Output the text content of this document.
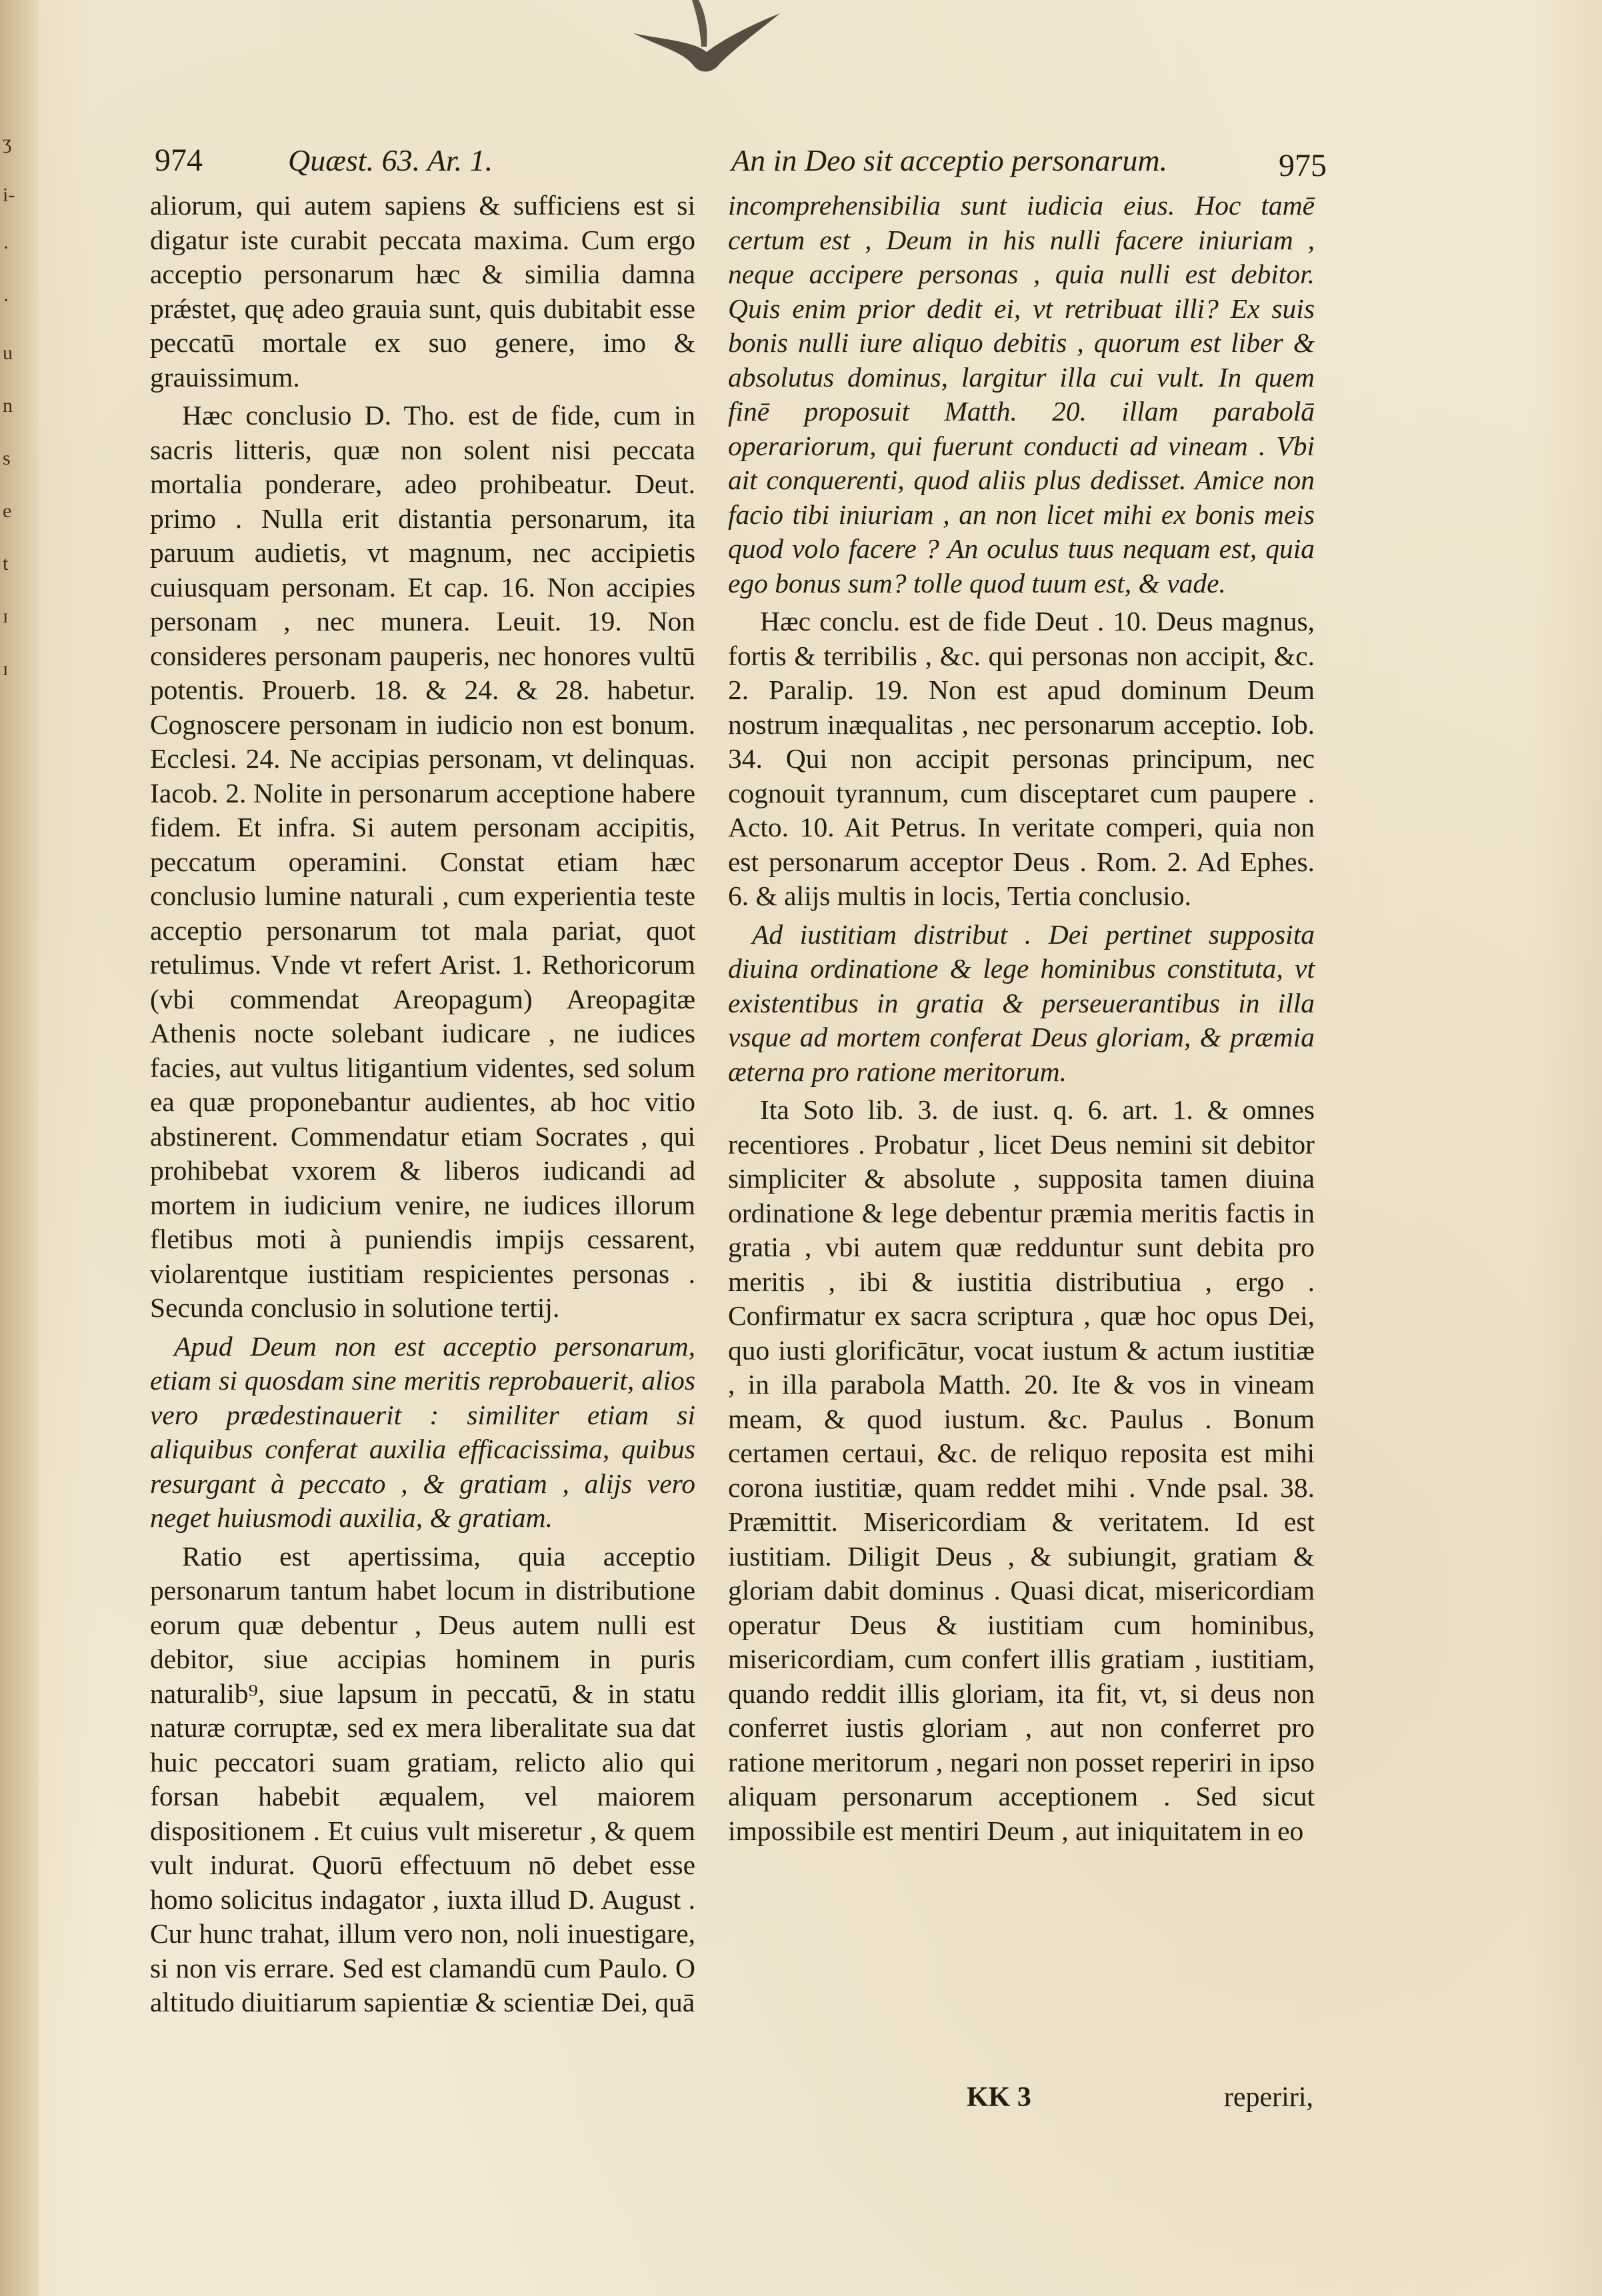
ʒ
i-
·
·
u
n
s
e
t
ɪ
ɪ
974	Quæst. 63. Ar. 1.	An in Deo sit acceptio personarum.	975

aliorum, qui autem sapiens & sufficiens est si digatur iste curabit peccata maxima. Cum ergo acceptio personarum hæc & similia damna prǽstet, quę adeo grauia sunt, quis dubitabit esse peccatū mortale ex suo genere, imo & grauissimum.

Hæc conclusio D. Tho. est de fide, cum in sacris litteris, quæ non solent nisi peccata mortalia ponderare, adeo prohibeatur. Deut. primo . Nulla erit distantia personarum, ita paruum audietis, vt magnum, nec accipietis cuiusquam personam. Et cap. 16. Non accipies personam , nec munera. Leuit. 19. Non consideres personam pauperis, nec honores vultū potentis. Prouerb. 18. & 24. & 28. habetur. Cognoscere personam in iudicio non est bonum. Ecclesi. 24. Ne accipias personam, vt delinquas. Iacob. 2. Nolite in personarum acceptione habere fidem. Et infra. Si autem personam accipitis, peccatum operamini. Constat etiam hæc conclusio lumine naturali , cum experientia teste acceptio personarum tot mala pariat, quot retulimus. Vnde vt refert Arist. 1. Rethoricorum (vbi commendat Areopagum) Areopagitæ Athenis nocte solebant iudicare , ne iudices facies, aut vultus litigantium videntes, sed solum ea quæ proponebantur audientes, ab hoc vitio abstinerent. Commendatur etiam Socrates , qui prohibebat vxorem & liberos iudicandi ad mortem in iudicium venire, ne iudices illorum fletibus moti à puniendis impijs cessarent, violarentque iustitiam respicientes personas . Secunda conclusio in solutione tertij.

Apud Deum non est acceptio personarum, etiam si quosdam sine meritis reprobauerit, alios vero prædestinauerit : similiter etiam si aliquibus conferat auxilia efficacissima, quibus resurgant à peccato , & gratiam , alijs vero neget huiusmodi auxilia, & gratiam.

Ratio est apertissima, quia acceptio personarum tantum habet locum in distributione eorum quæ debentur , Deus autem nulli est debitor, siue accipias hominem in puris naturalib⁹, siue lapsum in peccatū, & in statu naturæ corruptæ, sed ex mera liberalitate sua dat huic peccatori suam gratiam, relicto alio qui forsan habebit æqualem, vel maiorem dispositionem . Et cuius vult miseretur , & quem vult indurat. Quorū effectuum nō debet esse homo solicitus indagator , iuxta illud D. August . Cur hunc trahat, illum vero non, noli inuestigare, si non vis errare. Sed est clamandū cum Paulo. O altitudo diuitiarum sapientiæ & scientiæ Dei, quā

incomprehensibilia sunt iudicia eius. Hoc tamē certum est , Deum in his nulli facere iniuriam , neque accipere personas , quia nulli est debitor. Quis enim prior dedit ei, vt retribuat illi? Ex suis bonis nulli iure aliquo debitis , quorum est liber & absolutus dominus, largitur illa cui vult. In quem finē proposuit Matth. 20. illam parabolā operariorum, qui fuerunt conducti ad vineam . Vbi ait conquerenti, quod aliis plus dedisset. Amice non facio tibi iniuriam , an non licet mihi ex bonis meis quod volo facere ? An oculus tuus nequam est, quia ego bonus sum? tolle quod tuum est, & vade.

Hæc conclu. est de fide Deut . 10. Deus magnus, fortis & terribilis , &c. qui personas non accipit, &c. 2. Paralip. 19. Non est apud dominum Deum nostrum inæqualitas , nec personarum acceptio. Iob. 34. Qui non accipit personas principum, nec cognouit tyrannum, cum disceptaret cum paupere . Acto. 10. Ait Petrus. In veritate comperi, quia non est personarum acceptor Deus . Rom. 2. Ad Ephes. 6. & alijs multis in locis, Tertia conclusio.

Ad iustitiam distribut . Dei pertinet supposita diuina ordinatione & lege hominibus constituta, vt existentibus in gratia & perseuerantibus in illa vsque ad mortem conferat Deus gloriam, & præmia æterna pro ratione meritorum.

Ita Soto lib. 3. de iust. q. 6. art. 1. & omnes recentiores . Probatur , licet Deus nemini sit debitor simpliciter & absolute , supposita tamen diuina ordinatione & lege debentur præmia meritis factis in gratia , vbi autem quæ redduntur sunt debita pro meritis , ibi & iustitia distributiua , ergo . Confirmatur ex sacra scriptura , quæ hoc opus Dei, quo iusti glorificātur, vocat iustum & actum iustitiæ , in illa parabola Matth. 20. Ite & vos in vineam meam, & quod iustum. &c. Paulus . Bonum certamen certaui, &c. de reliquo reposita est mihi corona iustitiæ, quam reddet mihi . Vnde psal. 38. Præmittit. Misericordiam & veritatem. Id est iustitiam. Diligit Deus , & subiungit, gratiam & gloriam dabit dominus . Quasi dicat, misericordiam operatur Deus & iustitiam cum hominibus, misericordiam, cum confert illis gratiam , iustitiam, quando reddit illis gloriam, ita fit, vt, si deus non conferret iustis gloriam , aut non conferret pro ratione meritorum , negari non posset reperiri in ipso aliquam personarum acceptionem . Sed sicut impossibile est mentiri Deum , aut iniquitatem in eo

KK 3	reperiri,
